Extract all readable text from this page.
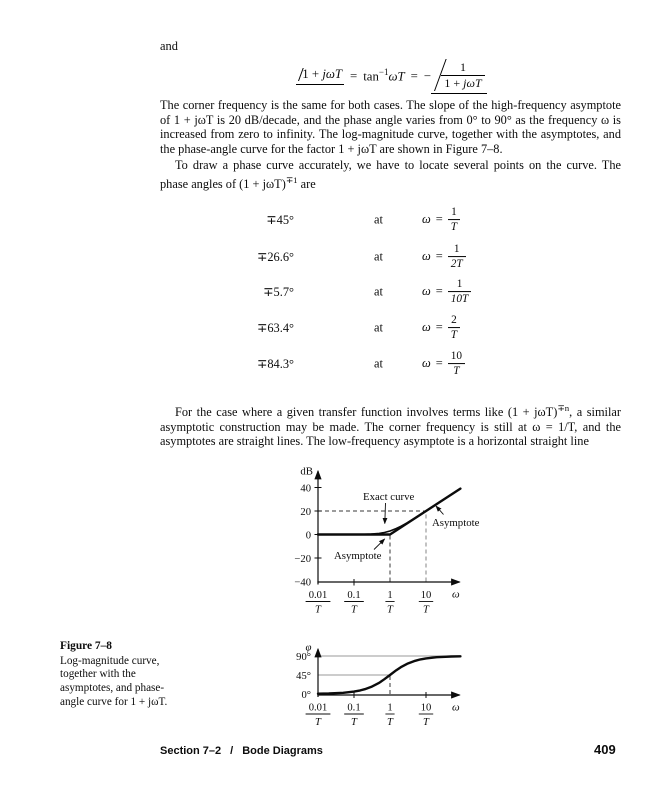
and
$1 + j\omega T = \tan^{-1}\omega T$ = − $\frac{1}{\text{1 + jωT}}$

The corner frequency is the same for both cases. The slope of the high-frequency asymptote of 1 + jωT is 20 dB/decade, and the phase angle varies from 0° to 90° as the frequency ω is increased from zero to infinity. The log-magnitude curve, together with the asymptotes, and the phase-angle curve for the factor 1 + jωT are shown in Figure 7–8.

To draw a phase curve accurately, we have to locate several points on the curve. The phase angles of $(1 + j\omega T)^{\mp 1}$ are

∓45°	at	$\omega = \frac{1}{T}$
∓26.6°	at	$\omega = \frac{1}{2T}$
∓5.7°	at	$\omega = \frac{1}{10T}$
∓63.4°	at	$\omega = \frac{2}{T}$
∓84.3°	at	$\omega = \frac{10}{T}$

For the case where a given transfer function involves terms like $(1 + j\omega T)^{\mp n}$, a similar asymptotic construction may be made. The corner frequency is still at ω = 1/T, and the asymptotes are straight lines. The low-frequency asymptote is a horizontal straight line

Figure 7–8
Log-magnitude curve, together with the asymptotes, and phase-angle curve for 1 + jωT.
40
20
0
−20
−40
0.01
T
0.1
T
1
T
10
T
dB
ω
Exact curve
Asymptote
Asymptote
90°
45°
0°
0.01
T
0.1
T
1
T
10
T
φ
ω
Section 7–2 / Bode Diagrams	409
